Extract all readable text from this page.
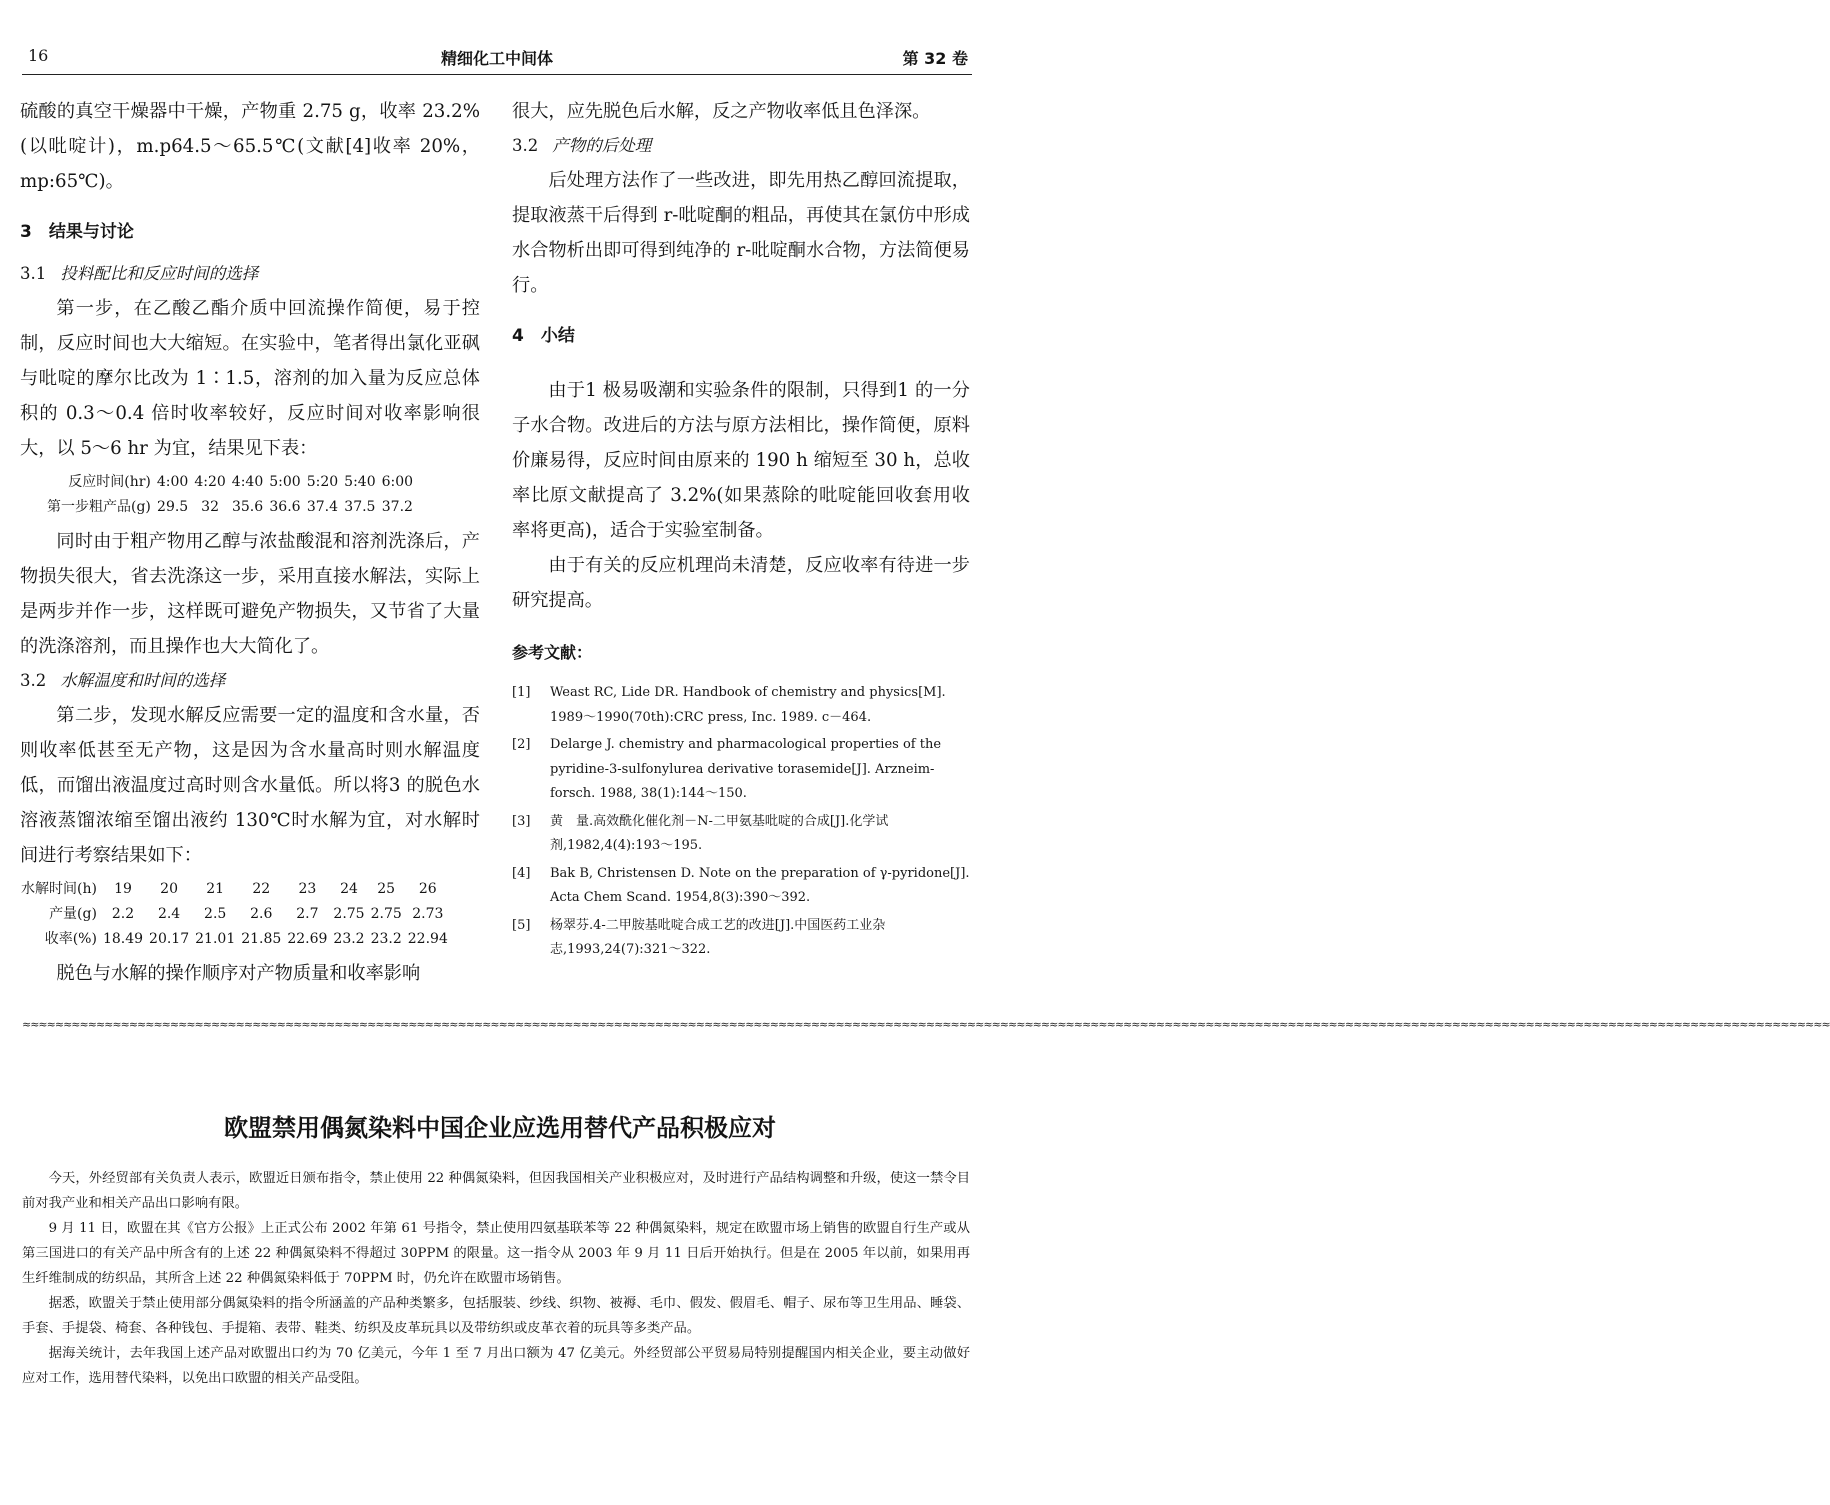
16	精细化工中间体	第 32 卷

硫酸的真空干燥器中干燥，产物重 2.75 g，收率 23.2%(以吡啶计)，m.p64.5～65.5℃(文献[4]收率 20%，mp:65℃)。

3　结果与讨论

3.1 投料配比和反应时间的选择

第一步，在乙酸乙酯介质中回流操作简便，易于控制，反应时间也大大缩短。在实验中，笔者得出氯化亚砜与吡啶的摩尔比改为 1∶1.5，溶剂的加入量为反应总体积的 0.3～0.4 倍时收率较好，反应时间对收率影响很大，以 5～6 hr 为宜，结果见下表：

反应时间(hr)	4:00	4:20	4:40	5:00	5:20	5:40	6:00
第一步粗产品(g)	29.5	32	35.6	36.6	37.4	37.5	37.2

同时由于粗产物用乙醇与浓盐酸混和溶剂洗涤后，产物损失很大，省去洗涤这一步，采用直接水解法，实际上是两步并作一步，这样既可避免产物损失，又节省了大量的洗涤溶剂，而且操作也大大简化了。

3.2 水解温度和时间的选择

第二步，发现水解反应需要一定的温度和含水量，否则收率低甚至无产物，这是因为含水量高时则水解温度低，而馏出液温度过高时则含水量低。所以将3 的脱色水溶液蒸馏浓缩至馏出液约 130℃时水解为宜，对水解时间进行考察结果如下：

水解时间(h)	19	20	21	22	23	24	25	26
产量(g)	2.2	2.4	2.5	2.6	2.7	2.75	2.75	2.73
收率(%)	18.49	20.17	21.01	21.85	22.69	23.2	23.2	22.94

脱色与水解的操作顺序对产物质量和收率影响

很大，应先脱色后水解，反之产物收率低且色泽深。

3.2 产物的后处理

后处理方法作了一些改进，即先用热乙醇回流提取，提取液蒸干后得到 r-吡啶酮的粗品，再使其在氯仿中形成水合物析出即可得到纯净的 r-吡啶酮水合物，方法简便易行。

4　小结

由于1 极易吸潮和实验条件的限制，只得到1 的一分子水合物。改进后的方法与原方法相比，操作简便，原料价廉易得，反应时间由原来的 190 h 缩短至 30 h，总收率比原文献提高了 3.2%(如果蒸除的吡啶能回收套用收率将更高)，适合于实验室制备。

由于有关的反应机理尚未清楚，反应收率有待进一步研究提高。

参考文献：

[1] Weast RC, Lide DR. Handbook of chemistry and physics[M]. 1989～1990(70th):CRC press, Inc. 1989. c－464.
[2] Delarge J. chemistry and pharmacological properties of the pyridine-3-sulfonylurea derivative torasemide[J]. Arzneim-forsch. 1988, 38(1):144～150.
[3] 黄　量.高效酰化催化剂－N-二甲氨基吡啶的合成[J].化学试剂,1982,4(4):193～195.
[4] Bak B, Christensen D. Note on the preparation of γ-pyridone[J]. Acta Chem Scand. 1954,8(3):390～392.
[5] 杨翠芬.4-二甲胺基吡啶合成工艺的改进[J].中国医药工业杂志,1993,24(7):321～322.
≈≈≈≈≈≈≈≈≈≈≈≈≈≈≈≈≈≈≈≈≈≈≈≈≈≈≈≈≈≈≈≈≈≈≈≈≈≈≈≈≈≈≈≈≈≈≈≈≈≈≈≈≈≈≈≈≈≈≈≈≈≈≈≈≈≈≈≈≈≈≈≈≈≈≈≈≈≈≈≈≈≈≈≈≈≈≈≈≈≈≈≈≈≈≈≈≈≈≈≈≈≈≈≈≈≈≈≈≈≈≈≈≈≈≈≈≈≈≈≈≈≈≈≈≈≈≈≈≈≈≈≈≈≈≈≈≈≈≈≈≈≈≈≈≈≈≈≈≈≈≈≈≈≈≈≈≈≈≈≈≈≈≈≈≈≈≈≈≈≈≈≈≈≈≈≈≈≈≈≈≈≈≈≈≈≈≈≈≈≈≈≈≈≈≈≈≈≈≈≈≈≈≈≈≈≈≈≈≈≈≈≈≈≈≈≈≈≈≈≈
欧盟禁用偶氮染料中国企业应选用替代产品积极应对

今天，外经贸部有关负责人表示，欧盟近日颁布指令，禁止使用 22 种偶氮染料，但因我国相关产业积极应对，及时进行产品结构调整和升级，使这一禁令目前对我产业和相关产品出口影响有限。

9 月 11 日，欧盟在其《官方公报》上正式公布 2002 年第 61 号指令，禁止使用四氨基联苯等 22 种偶氮染料，规定在欧盟市场上销售的欧盟自行生产或从第三国进口的有关产品中所含有的上述 22 种偶氮染料不得超过 30PPM 的限量。这一指令从 2003 年 9 月 11 日后开始执行。但是在 2005 年以前，如果用再生纤维制成的纺织品，其所含上述 22 种偶氮染料低于 70PPM 时，仍允许在欧盟市场销售。

据悉，欧盟关于禁止使用部分偶氮染料的指令所涵盖的产品种类繁多，包括服装、纱线、织物、被褥、毛巾、假发、假眉毛、帽子、尿布等卫生用品、睡袋、手套、手提袋、椅套、各种钱包、手提箱、表带、鞋类、纺织及皮革玩具以及带纺织或皮革衣着的玩具等多类产品。

据海关统计，去年我国上述产品对欧盟出口约为 70 亿美元，今年 1 至 7 月出口额为 47 亿美元。外经贸部公平贸易局特别提醒国内相关企业，要主动做好应对工作，选用替代染料，以免出口欧盟的相关产品受阻。
